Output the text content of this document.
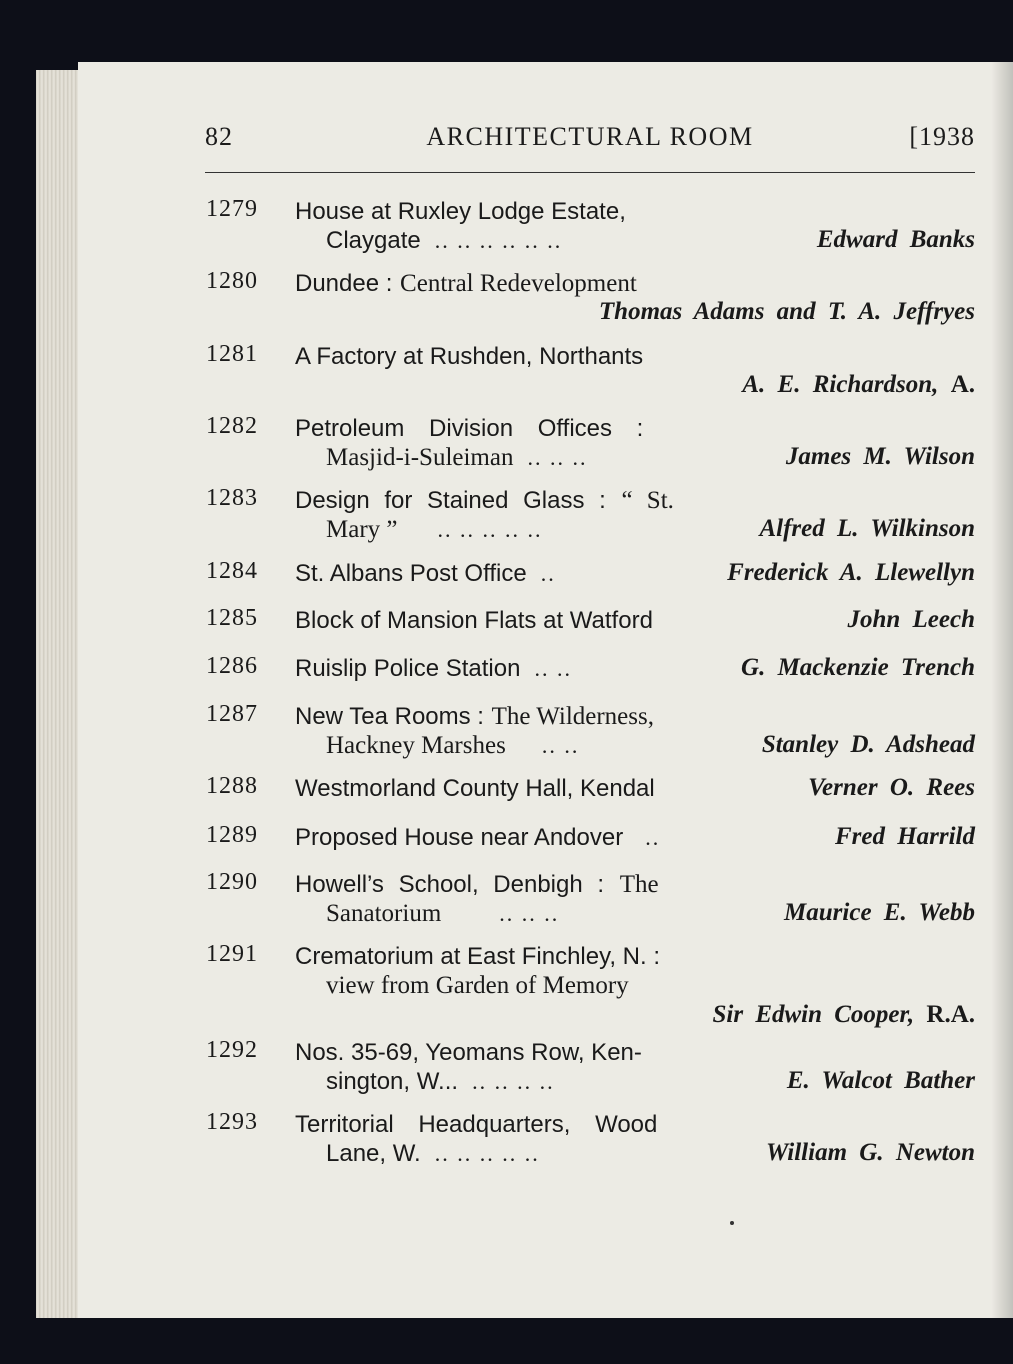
82	ARCHITECTURAL ROOM	[1938
1279 House at Ruxley Lodge Estate,
Claygate .. .. .. .. .. ..	Edward Banks
1280 Dundee : Central Redevelopment
Thomas Adams and T. A. Jeffryes
1281 A Factory at Rushden, Northants
A. E. Richardson, A.
1282 Petroleum Division Offices :
Masjid-i-Suleiman .. .. ..	James M. Wilson
1283 Design for Stained Glass : “ St.
Mary ” .. .. .. .. ..	Alfred L. Wilkinson
1284 St. Albans Post Office ..	Frederick A. Llewellyn
1285 Block of Mansion Flats at Watford	John Leech
1286 Ruislip Police Station .. ..	G. Mackenzie Trench
1287 New Tea Rooms : The Wilderness,
Hackney Marshes .. ..	Stanley D. Adshead
1288 Westmorland County Hall, Kendal	Verner O. Rees
1289 Proposed House near Andover ..	Fred Harrild
1290 Howell’s School, Denbigh : The
Sanatorium	.. .. ..	Maurice E. Webb
1291 Crematorium at East Finchley, N. :
view from Garden of Memory
Sir Edwin Cooper, R.A.
1292 Nos. 35-69, Yeomans Row, Ken-
sington, W... .. .. .. ..	E. Walcot Bather
1293 Territorial Headquarters, Wood
Lane, W. .. .. .. .. ..	William G. Newton
